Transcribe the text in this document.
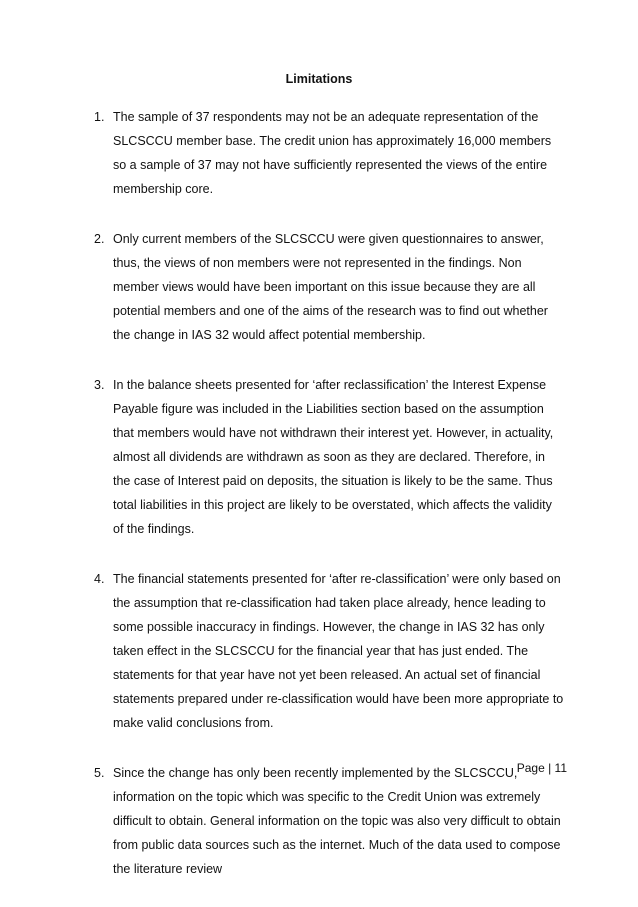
Limitations
1. The sample of 37 respondents may not be an adequate representation of the SLCSCCU member base. The credit union has approximately 16,000 members so a sample of 37 may not have sufficiently represented the views of the entire membership core.
2. Only current members of the SLCSCCU were given questionnaires to answer, thus, the views of non members were not represented in the findings. Non member views would have been important on this issue because they are all potential members and one of the aims of the research was to find out whether the change in IAS 32 would affect potential membership.
3. In the balance sheets presented for ‘after reclassification’ the Interest Expense Payable figure was included in the Liabilities section based on the assumption that members would have not withdrawn their interest yet. However, in actuality, almost all dividends are withdrawn as soon as they are declared. Therefore, in the case of Interest paid on deposits, the situation is likely to be the same. Thus total liabilities in this project are likely to be overstated, which affects the validity of the findings.
4. The financial statements presented for ‘after re-classification’ were only based on the assumption that re-classification had taken place already, hence leading to some possible inaccuracy in findings. However, the change in IAS 32 has only taken effect in the SLCSCCU for the financial year that has just ended. The statements for that year have not yet been released. An actual set of financial statements prepared under re-classification would have been more appropriate to make valid conclusions from.
5. Since the change has only been recently implemented by the SLCSCCU, information on the topic which was specific to the Credit Union was extremely difficult to obtain. General information on the topic was also very difficult to obtain from public data sources such as the internet. Much of the data used to compose the literature review
Page | 11
